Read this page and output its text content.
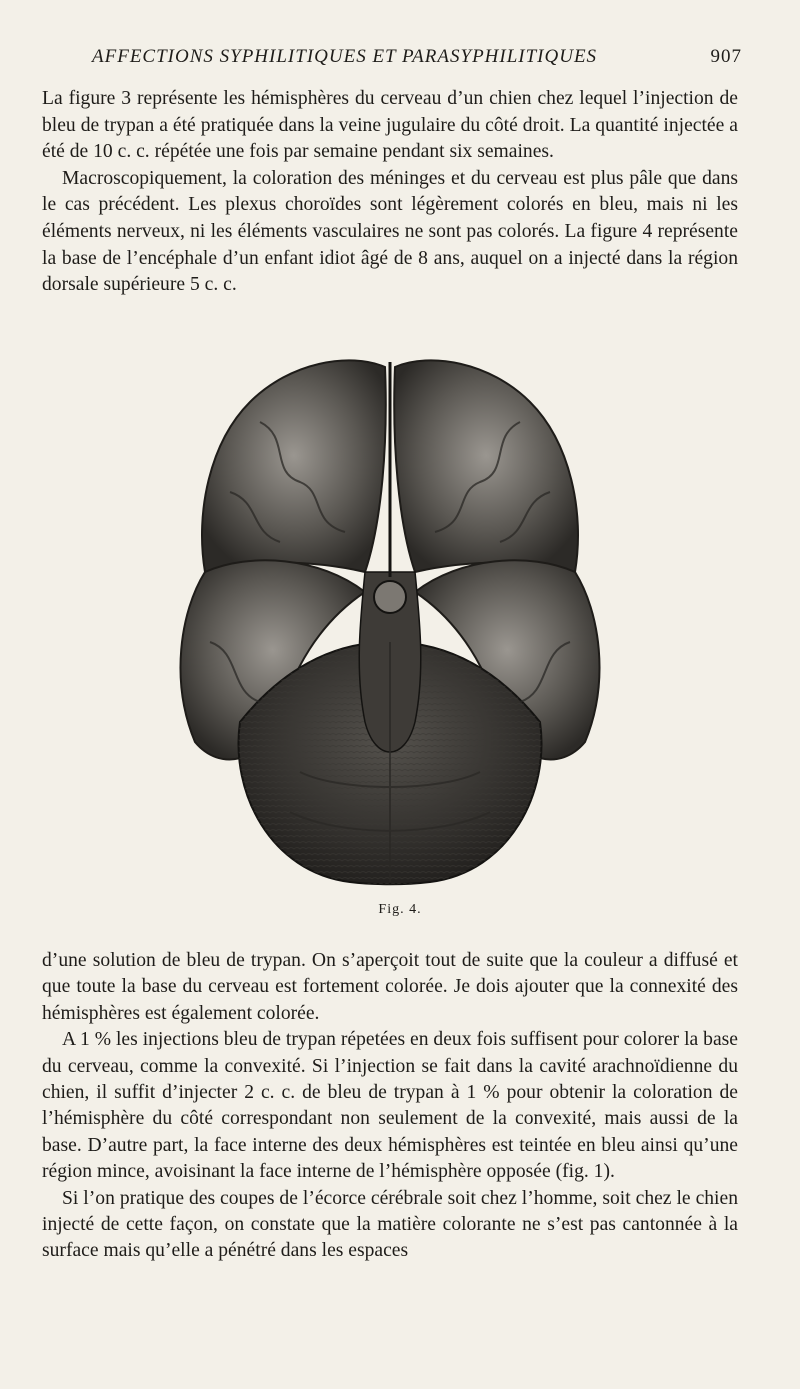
AFFECTIONS SYPHILITIQUES ET PARASYPHILITIQUES	907

La figure 3 représente les hémisphères du cerveau d’un chien chez lequel l’injection de bleu de trypan a été pratiquée dans la veine jugulaire du côté droit. La quantité injectée a été de 10 c. c. répétée une fois par semaine pendant six semaines.

Macroscopiquement, la coloration des méninges et du cerveau est plus pâle que dans le cas précédent. Les plexus choroïdes sont légèrement colorés en bleu, mais ni les éléments nerveux, ni les éléments vasculaires ne sont pas colorés. La figure 4 représente la base de l’encéphale d’un enfant idiot âgé de 8 ans, auquel on a injecté dans la région dorsale supérieure 5 c. c.

Fig. 4.

d’une solution de bleu de trypan. On s’aperçoit tout de suite que la couleur a diffusé et que toute la base du cerveau est fortement colorée. Je dois ajouter que la connexité des hémisphères est également colorée.

A 1 % les injections bleu de trypan répetées en deux fois suffisent pour colorer la base du cerveau, comme la convexité. Si l’injection se fait dans la cavité arachnoïdienne du chien, il suffit d’injecter 2 c. c. de bleu de trypan à 1 % pour obtenir la coloration de l’hémisphère du côté correspondant non seulement de la convexité, mais aussi de la base. D’autre part, la face interne des deux hémisphères est teintée en bleu ainsi qu’une région mince, avoisinant la face interne de l’hémisphère opposée (fig. 1).

Si l’on pratique des coupes de l’écorce cérébrale soit chez l’homme, soit chez le chien injecté de cette façon, on constate que la matière colorante ne s’est pas cantonnée à la surface mais qu’elle a pénétré dans les espaces
